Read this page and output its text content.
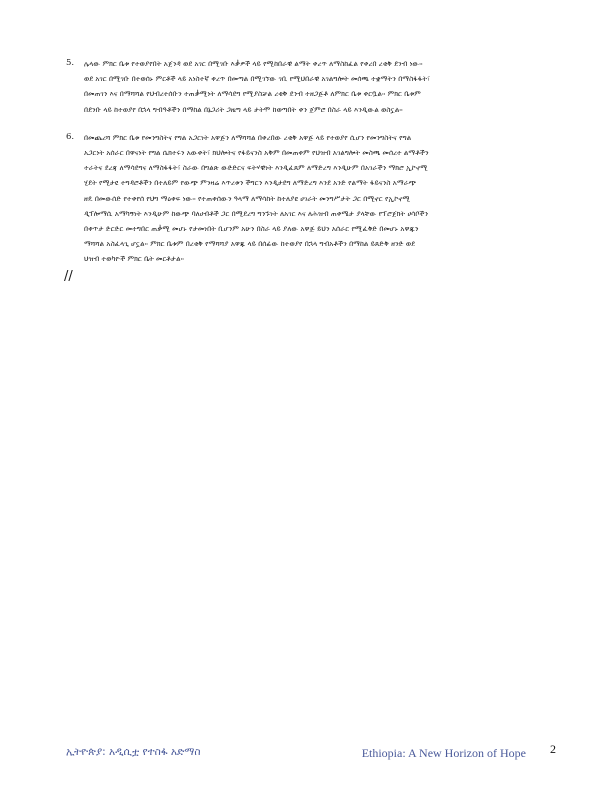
5.	ሌላው ምክር ቤቱ የተወያየበት አጀንዳ ወደ አገር በሚገቡ እቃዎች ላይ የሚከበራዊ ልማት ቀረጥ ለማስከፈል የቀረበ ረቂቅ ደንብ ነው፡፡
ወደ አገር በሚገቡ በተወሰኑ ምርቶች ላይ አነስተኛ ቀረጥ በመጣል በሚገኘው ገቢ የሚህበራዊ አገልግሎት መሰጫ ተቋማትን በማስፋፋት፣
በመጠገን እና በማሻሻል የህብረተሰቡን ተጠቃሚነት ለማሳደግ የሚያስቻል ረቂቅ ደንብ ተዘጋጅቶ ለምክር ቤቱ ቀርቧል፡፡ ምክር ቤቱም
በደንቡ ላይ ከተወያየ በኋላ ግብዓቶችን በማከል በኔጋሪት ጋዜጣ ላይ ታትሞ ከወጣበት ቀን ጀምሮ በስራ ላይ እንዲውል ወስኗል፡፡
6.	በመጨረሻ ምክር ቤቱ የመንግስትና የግል አጋርነት አዋጅን ለማሻሻል በቀረበው ረቂቅ አዋጅ ላይ የተወያየ ሲሆን የመንግስትና የግል
አጋርነት አሰራር በዋናነት የግል ሴክተሩን አውቀት፣ ክህሎትና የፋይናንስ አቅም በመጠቀም የህዝብ አገልግሎት መስጫ መሰረተ ልማቶችን
ተራትና ደረጃ ለማሳደግና ለማስፋፋት፣ ስራው በግልጽ ውድድርና ፍትሃዊነት እንዲፈጸም ለማድረግ እንዲሁም በአገራችን ማክሮ ኢኮኖሚ
ሂደት የሚታዩ ተግዳሮቶችን በተለይም የውጭ ምንዛሬ እጥረቱን ችግርን እንዲታደግ ለማድረግ እንደ አንድ የልማት ፋይናንስ አማራጭ
ዘዴ በመውሰድ የተቀየሰ የህግ ማዕቀፍ ነው፡፡ የተጠቀሰውን ዓላማ ለማሳከት ከተለያዩ ሀገራት መንግሥታት ጋር በሚኖር የኢኮኖሚ
ዲፕሎማሲ አማካኝነት እንዲሁም ከውጭ ባለሀብቶች ጋር በሚደረግ ግንኙነት ለአገር እና ለሕዝብ ጠቀሜታ ያላቸው የፕሮጀክት ሀሳቦችን
በቀጥታ ድርድር መተግበር ጠቃሚ መሆኑ የታመነበት ቢሆንም አሁን በስራ ላይ ያለው አዋጅ ይህን አሰራር የሚፈቅድ በመሆኑ አዋጁን
ማሻሻል አስፈላጊ ሆኗል፡፡ ምክር ቤቱም በረቂቅ የማሻሻያ አዋጁ ላይ በሰፊው ከተወያየ በኋላ ግብአቶችን በማከል ይጸድቅ ዘንድ ወደ
ህዝብ ተወካዮች ምክር ቤት መርቶታል፡፡
//
ኢትዮጵያ: አዲሲቷ የተስፋ አድማስ	Ethiopia: A New Horizon of Hope 2
